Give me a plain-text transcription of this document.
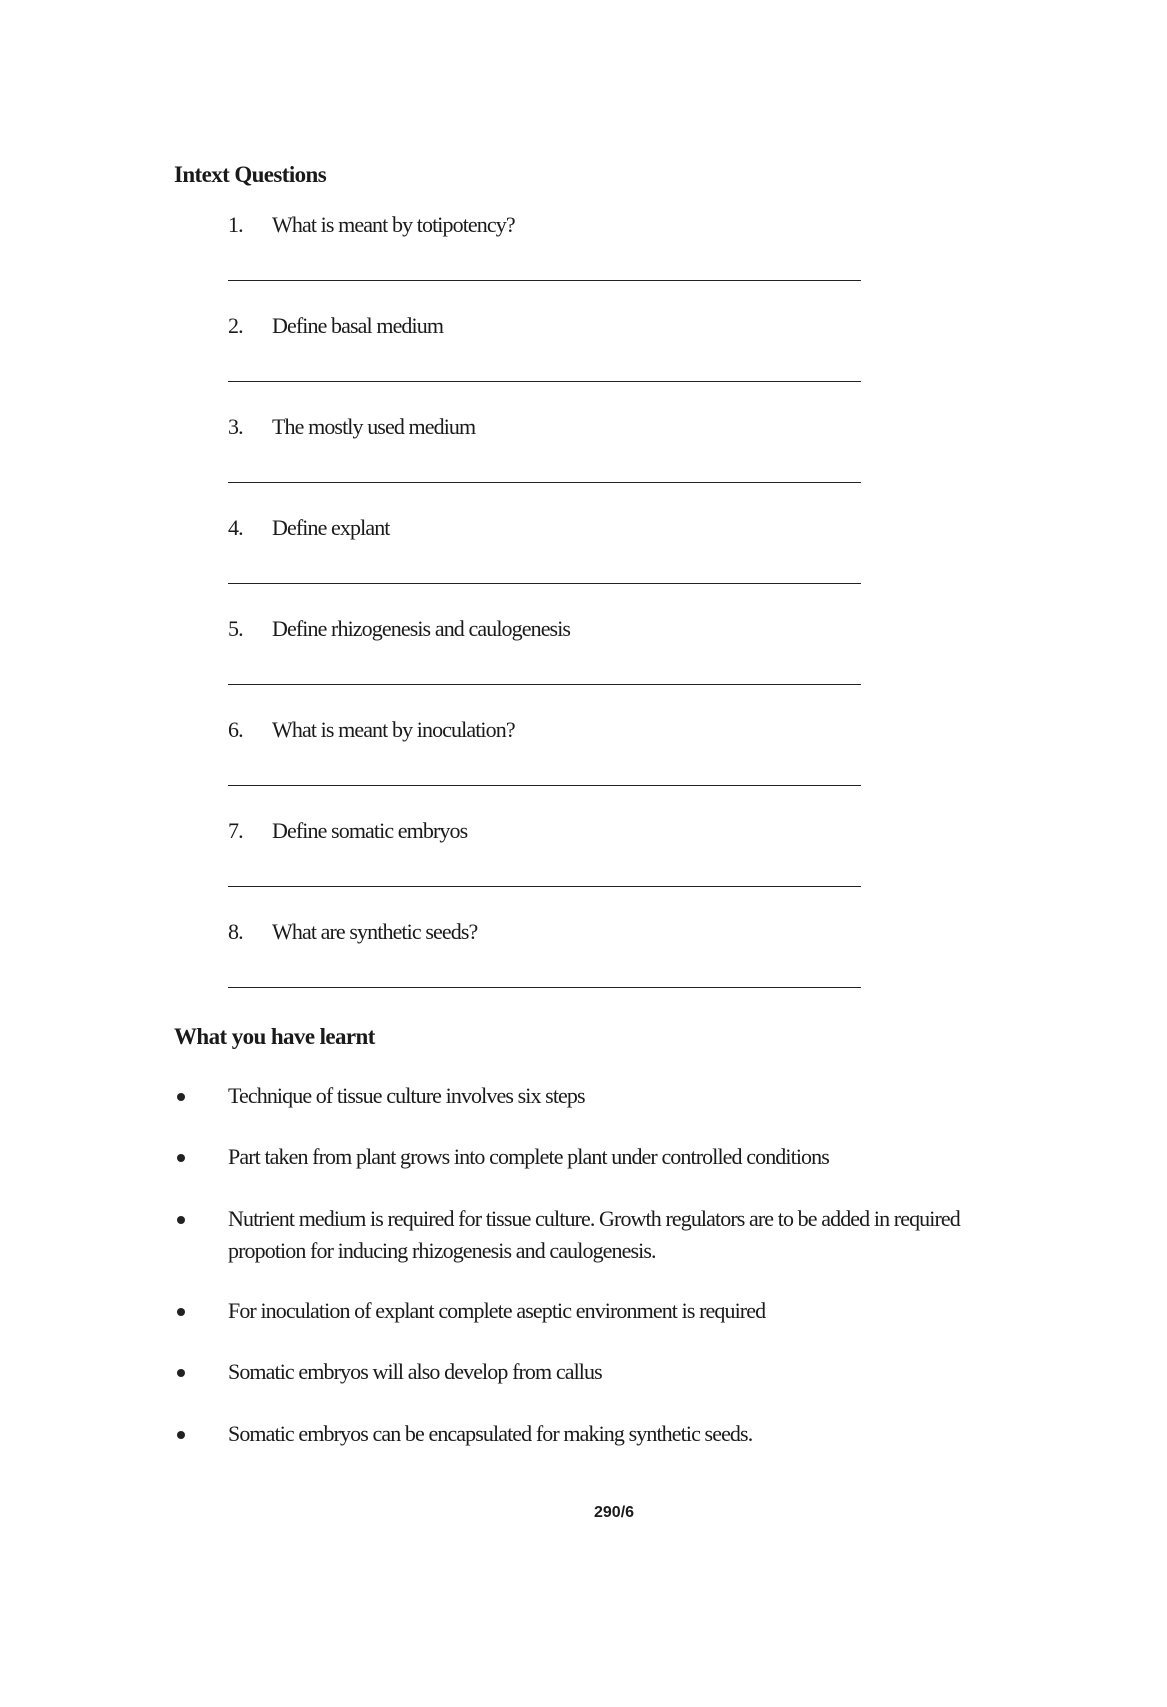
Intext Questions
1. What is meant by totipotency?
2. Define basal medium
3. The mostly used medium
4. Define explant
5. Define rhizogenesis and caulogenesis
6. What is meant by inoculation?
7. Define somatic embryos
8. What are synthetic seeds?
What you have learnt
Technique of tissue culture involves six steps
Part taken from plant grows into complete plant under controlled conditions
Nutrient medium is required for tissue culture. Growth regulators are to be added in required
propotion for inducing rhizogenesis and caulogenesis.
For inoculation of explant complete aseptic environment is required
Somatic embryos will also develop from callus
Somatic embryos can be encapsulated for making synthetic seeds.
290/6
